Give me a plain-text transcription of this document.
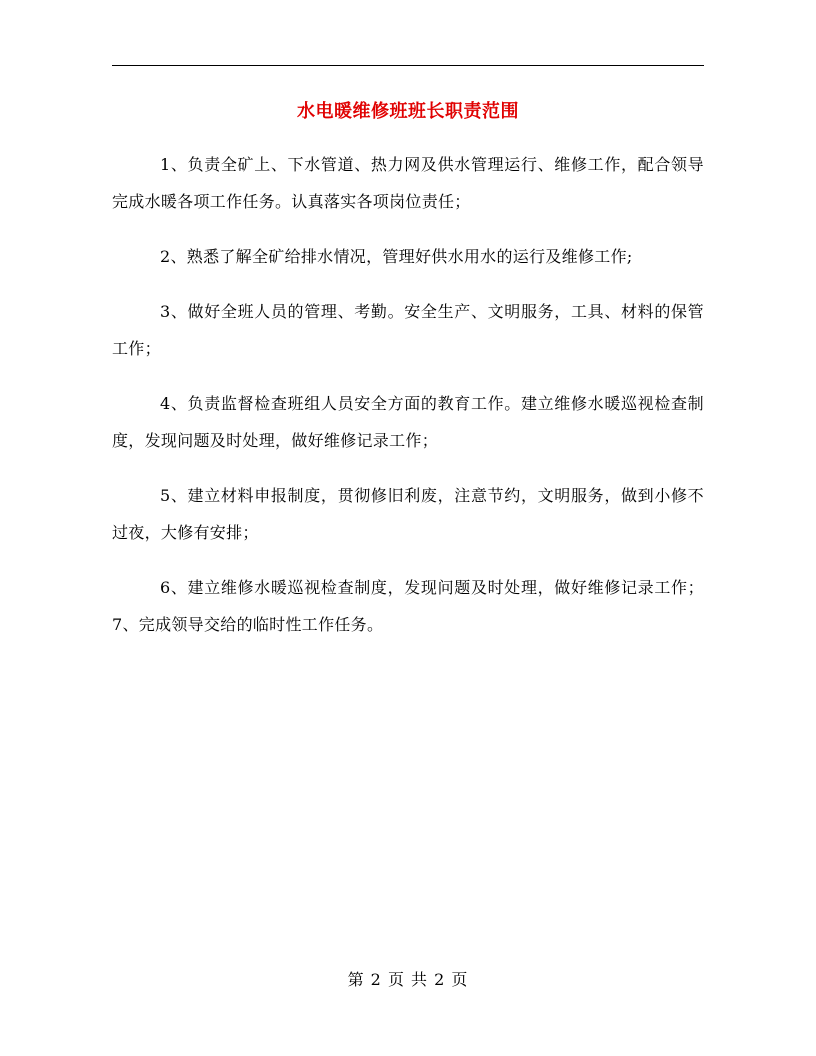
水电暖维修班班长职责范围

1、负责全矿上、下水管道、热力网及供水管理运行、维修工作，配合领导完成水暖各项工作任务。认真落实各项岗位责任；

2、熟悉了解全矿给排水情况，管理好供水用水的运行及维修工作;

3、做好全班人员的管理、考勤。安全生产、文明服务，工具、材料的保管工作；

4、负责监督检查班组人员安全方面的教育工作。建立维修水暖巡视检查制度，发现问题及时处理，做好维修记录工作；

5、建立材料申报制度，贯彻修旧利废，注意节约，文明服务，做到小修不过夜，大修有安排；

6、建立维修水暖巡视检查制度，发现问题及时处理，做好维修记录工作；7、完成领导交给的临时性工作任务。

第 2 页 共 2 页
